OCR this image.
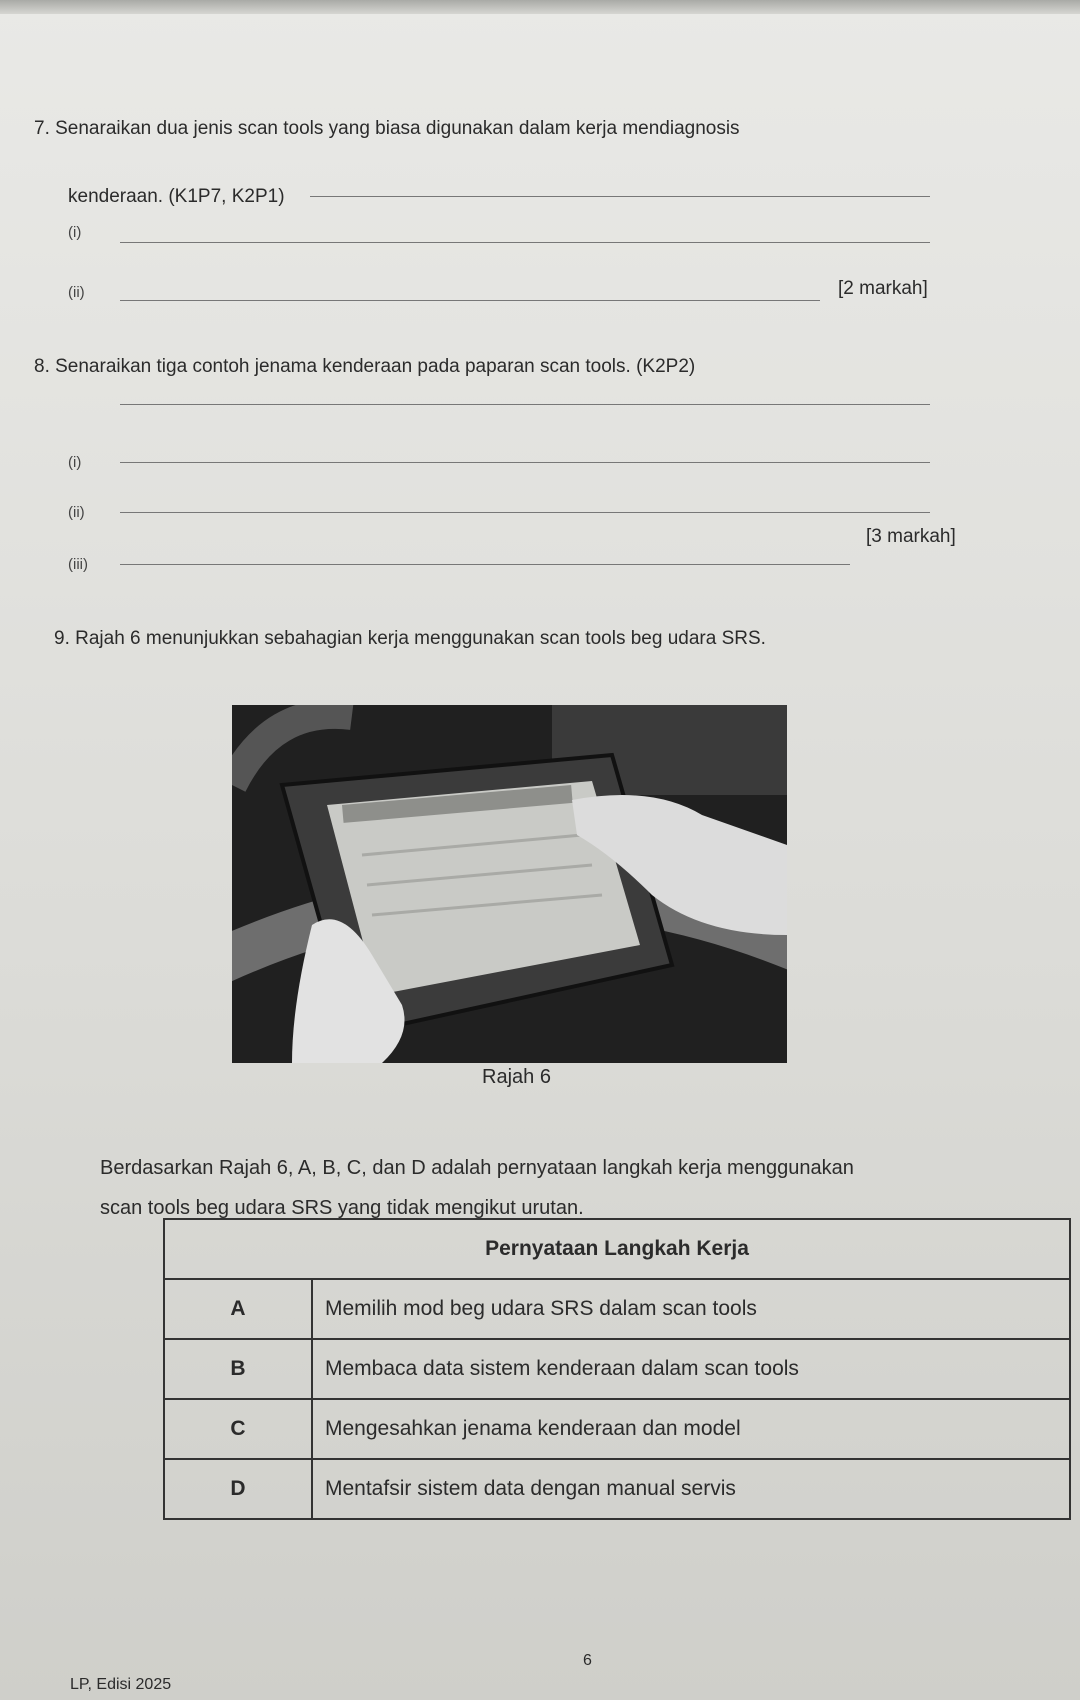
7. Senaraikan dua jenis scan tools yang biasa digunakan dalam kerja mendiagnosis
kenderaan. (K1P7, K2P1)
(i)
(ii)	[2 markah]
8. Senaraikan tiga contoh jenama kenderaan pada paparan scan tools. (K2P2)
(i)
(ii)
(iii)
[3 markah]
9. Rajah 6 menunjukkan sebahagian kerja menggunakan scan tools beg udara SRS.
Rajah 6
Berdasarkan Rajah 6, A, B, C, dan D adalah pernyataan langkah kerja menggunakan
scan tools beg udara SRS yang tidak mengikut urutan.
Pernyataan Langkah Kerja	
A	Memilih mod beg udara SRS dalam scan tools
B	Membaca data sistem kenderaan dalam scan tools
C	Mengesahkan jenama kenderaan dan model
D	Mentafsir sistem data dengan manual servis
6
LP, Edisi 2025
